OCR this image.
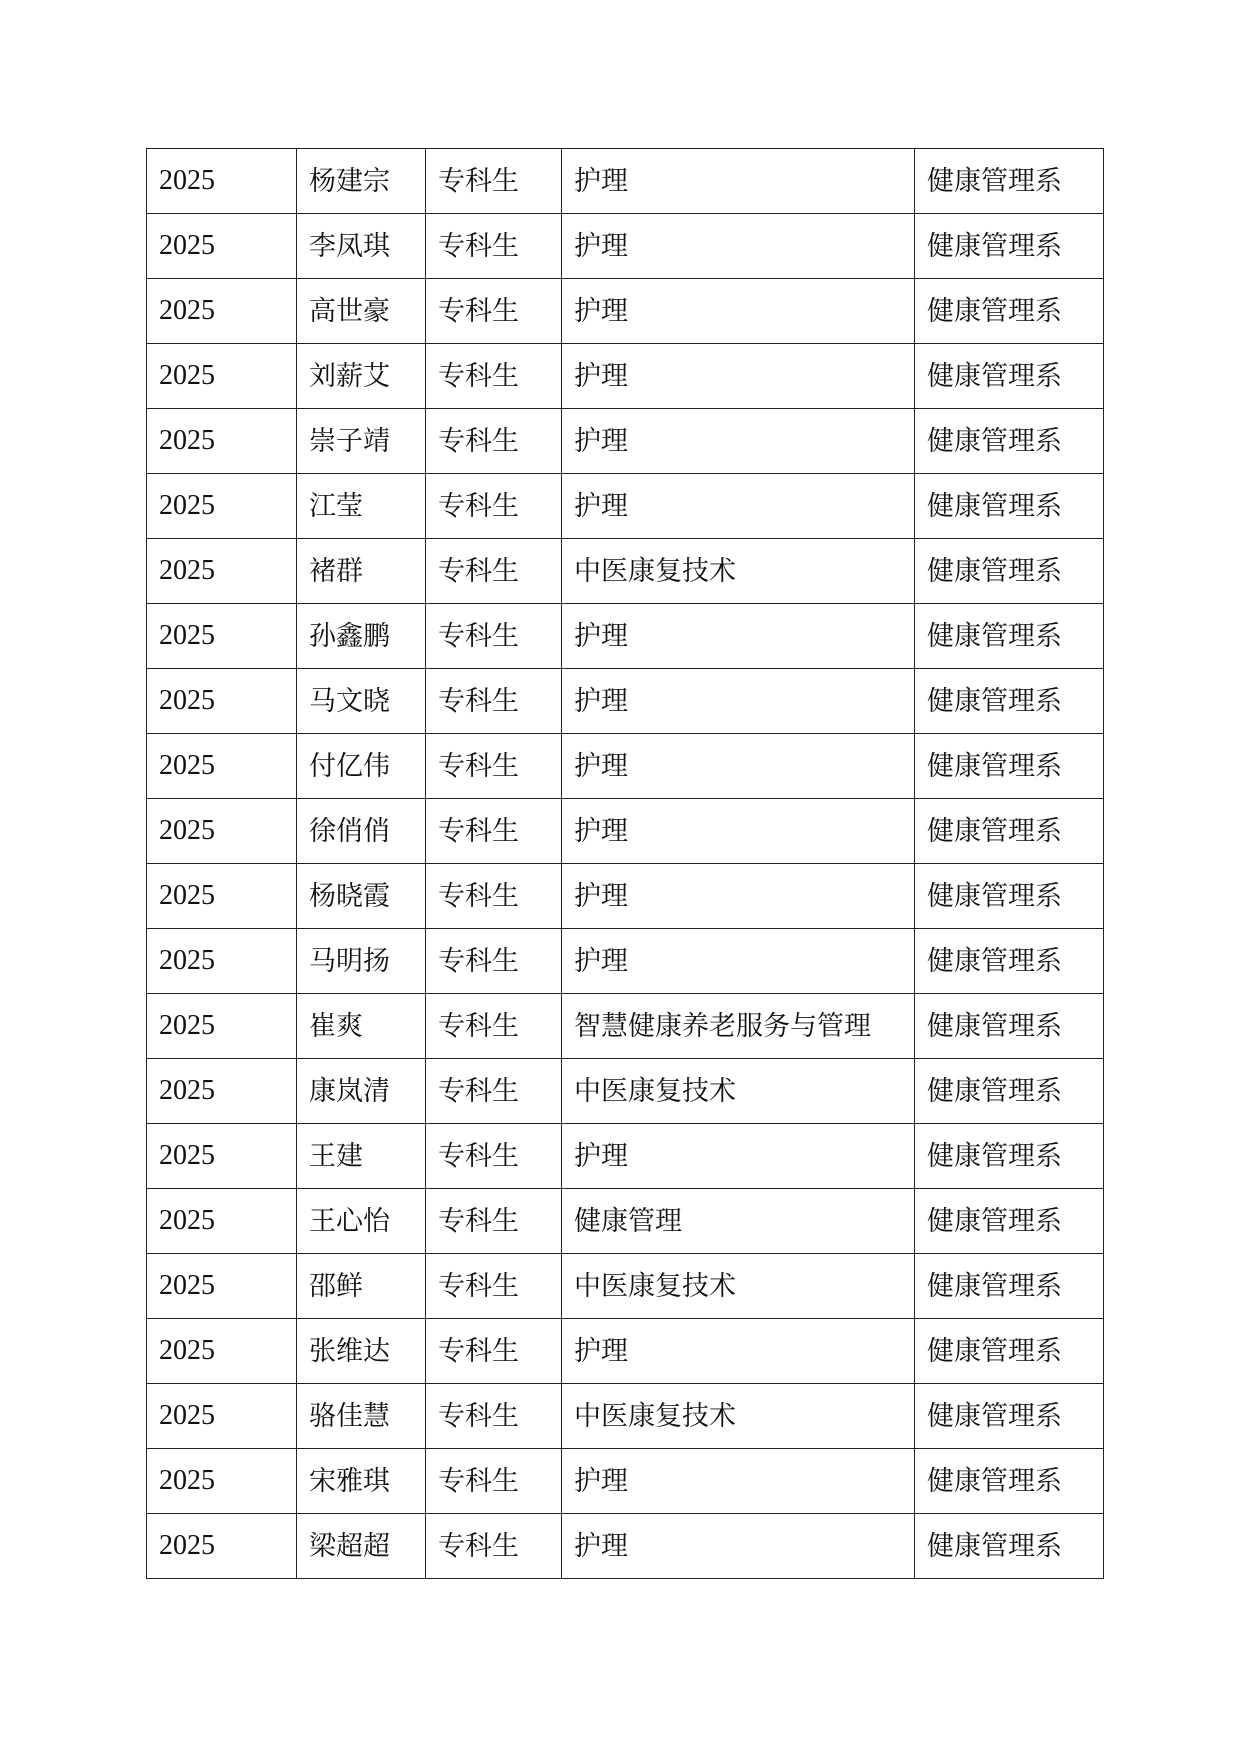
2025	杨建宗	专科生	护理	健康管理系
2025	李凤琪	专科生	护理	健康管理系
2025	高世豪	专科生	护理	健康管理系
2025	刘薪艾	专科生	护理	健康管理系
2025	崇子靖	专科生	护理	健康管理系
2025	江莹	专科生	护理	健康管理系
2025	褚群	专科生	中医康复技术	健康管理系
2025	孙鑫鹏	专科生	护理	健康管理系
2025	马文晓	专科生	护理	健康管理系
2025	付亿伟	专科生	护理	健康管理系
2025	徐俏俏	专科生	护理	健康管理系
2025	杨晓霞	专科生	护理	健康管理系
2025	马明扬	专科生	护理	健康管理系
2025	崔爽	专科生	智慧健康养老服务与管理	健康管理系
2025	康岚清	专科生	中医康复技术	健康管理系
2025	王建	专科生	护理	健康管理系
2025	王心怡	专科生	健康管理	健康管理系
2025	邵鲜	专科生	中医康复技术	健康管理系
2025	张维达	专科生	护理	健康管理系
2025	骆佳慧	专科生	中医康复技术	健康管理系
2025	宋雅琪	专科生	护理	健康管理系
2025	梁超超	专科生	护理	健康管理系
